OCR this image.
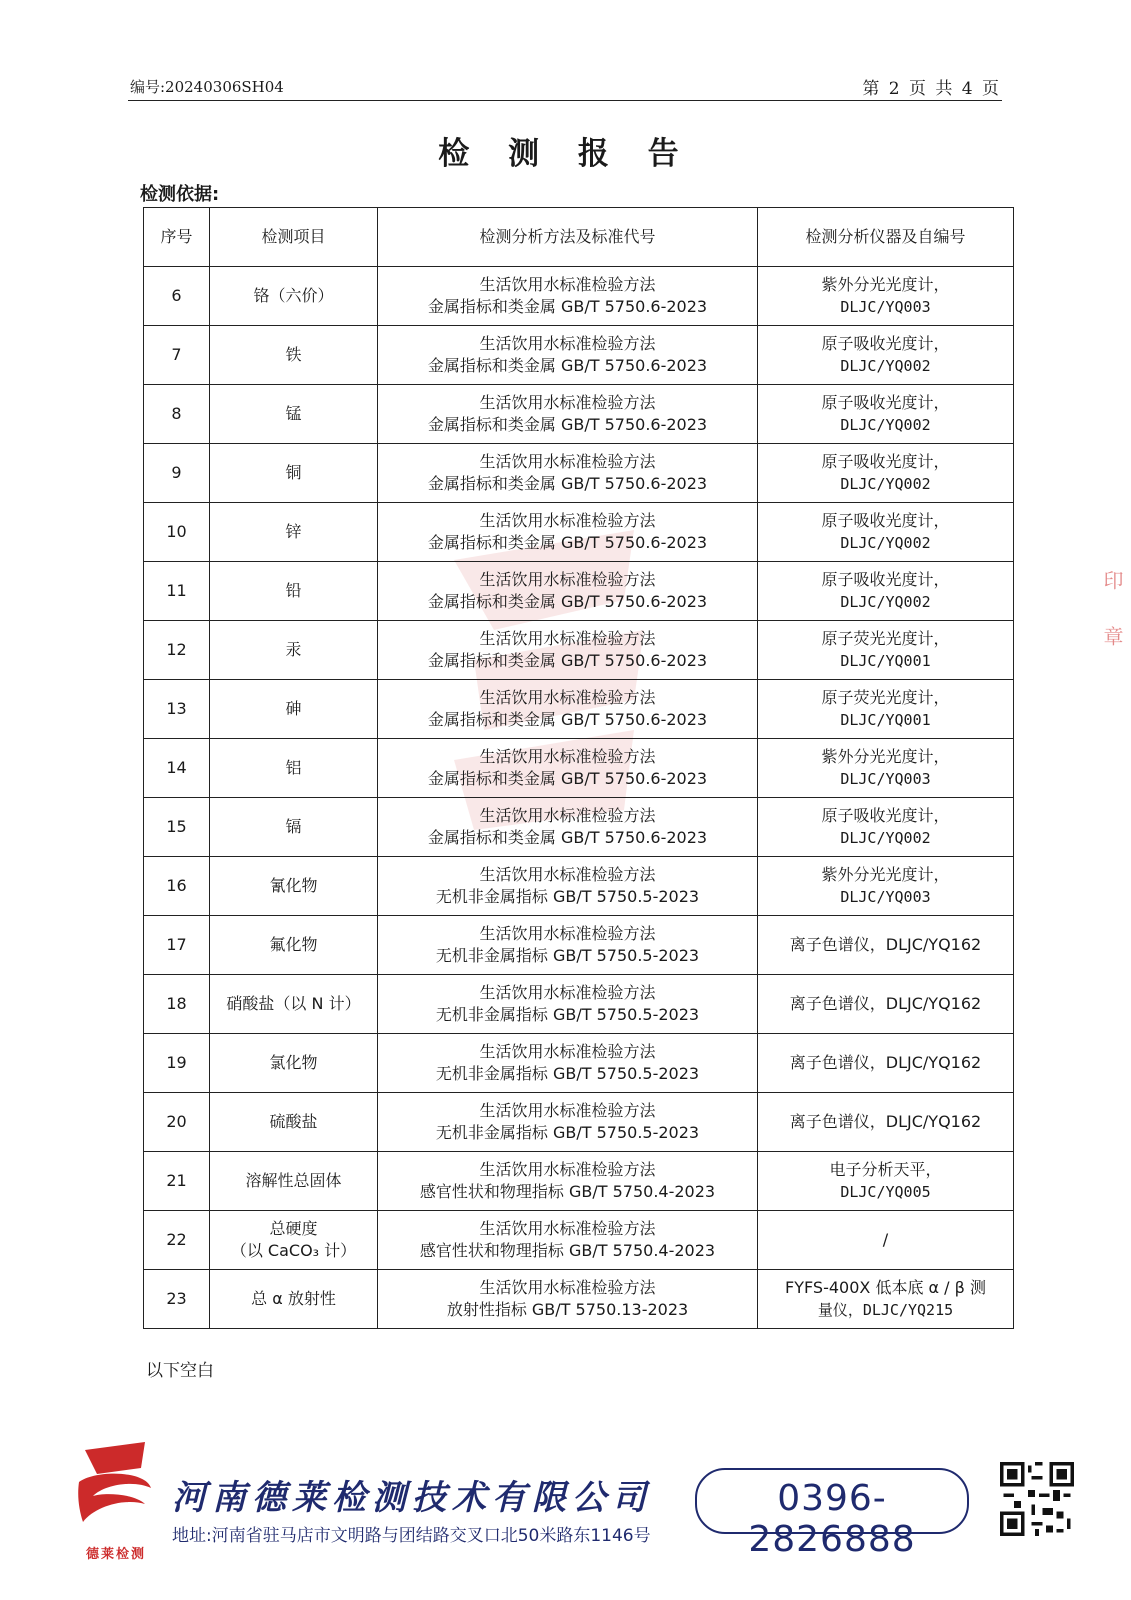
编号:20240306SH04	第 2 页 共 4 页
检 测 报 告
检测依据:
印章
序号	检测项目	检测分析方法及标准代号	检测分析仪器及自编号
6	铬（六价）	生活饮用水标准检验方法
金属指标和类金属 GB/T 5750.6-2023	紫外分光光度计，
DLJC/YQ003
7	铁	生活饮用水标准检验方法
金属指标和类金属 GB/T 5750.6-2023	原子吸收光度计，
DLJC/YQ002
8	锰	生活饮用水标准检验方法
金属指标和类金属 GB/T 5750.6-2023	原子吸收光度计，
DLJC/YQ002
9	铜	生活饮用水标准检验方法
金属指标和类金属 GB/T 5750.6-2023	原子吸收光度计，
DLJC/YQ002
10	锌	生活饮用水标准检验方法
金属指标和类金属 GB/T 5750.6-2023	原子吸收光度计，
DLJC/YQ002
11	铅	生活饮用水标准检验方法
金属指标和类金属 GB/T 5750.6-2023	原子吸收光度计，
DLJC/YQ002
12	汞	生活饮用水标准检验方法
金属指标和类金属 GB/T 5750.6-2023	原子荧光光度计，
DLJC/YQ001
13	砷	生活饮用水标准检验方法
金属指标和类金属 GB/T 5750.6-2023	原子荧光光度计，
DLJC/YQ001
14	铝	生活饮用水标准检验方法
金属指标和类金属 GB/T 5750.6-2023	紫外分光光度计，
DLJC/YQ003
15	镉	生活饮用水标准检验方法
金属指标和类金属 GB/T 5750.6-2023	原子吸收光度计，
DLJC/YQ002
16	氰化物	生活饮用水标准检验方法
无机非金属指标 GB/T 5750.5-2023	紫外分光光度计，
DLJC/YQ003
17	氟化物	生活饮用水标准检验方法
无机非金属指标 GB/T 5750.5-2023	离子色谱仪，DLJC/YQ162
18	硝酸盐（以 N 计）	生活饮用水标准检验方法
无机非金属指标 GB/T 5750.5-2023	离子色谱仪，DLJC/YQ162
19	氯化物	生活饮用水标准检验方法
无机非金属指标 GB/T 5750.5-2023	离子色谱仪，DLJC/YQ162
20	硫酸盐	生活饮用水标准检验方法
无机非金属指标 GB/T 5750.5-2023	离子色谱仪，DLJC/YQ162
21	溶解性总固体	生活饮用水标准检验方法
感官性状和物理指标 GB/T 5750.4-2023	电子分析天平，
DLJC/YQ005
22	总硬度
（以 CaCO₃ 计）	生活饮用水标准检验方法
感官性状和物理指标 GB/T 5750.4-2023	/
23	总 α 放射性	生活饮用水标准检验方法
放射性指标 GB/T 5750.13-2023	FYFS-400X 低本底 α / β 测
量仪，DLJC/YQ215
以下空白
德莱检测
河南德莱检测技术有限公司
地址:河南省驻马店市文明路与团结路交叉口北50米路东1146号
0396-2826888
